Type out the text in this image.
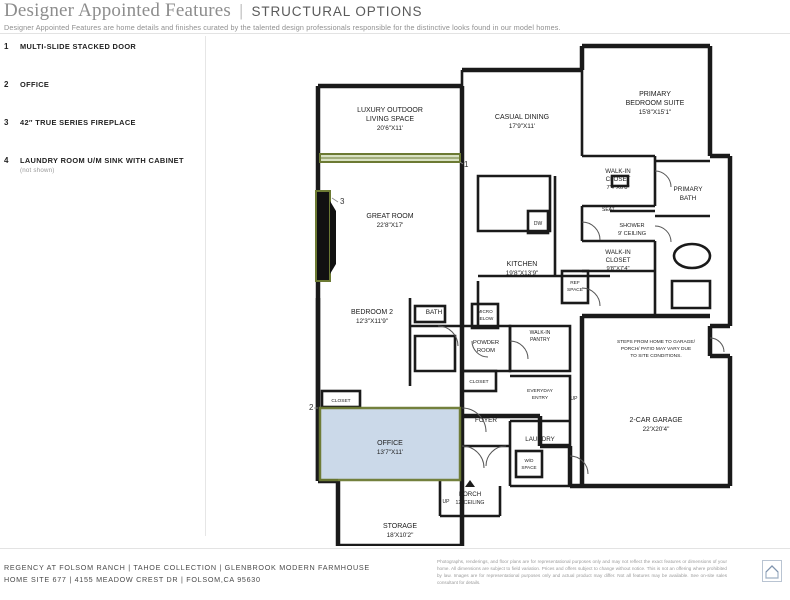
Designer Appointed Features | STRUCTURAL OPTIONS
Designer Appointed Features are home details and finishes curated by the talented design professionals responsible for the distinctive looks found in our model homes.
1 MULTI-SLIDE STACKED DOOR
2 OFFICE
3 42″ TRUE SERIES FIREPLACE
4 LAUNDRY ROOM U/M SINK WITH CABINET
(not shown)
1
3
2
LUXURY OUTDOOR
LIVING SPACE
20'6"X11'
CASUAL DINING
17'9"X11'
PRIMARY
BEDROOM SUITE
15'8"X15'1"
GREAT ROOM
22'8"X17'
WALK-IN
CLOSET
7'4"X6'8"	PRIMARY
BATH
SHOWER
9' CEILING
SEAT
KITCHEN
19'8"X13'9"
DW
REF
SPACE
MICRO
BELOW
WALK-IN
CLOSET
9'8"X7'4"
BEDROOM 2
12'3"X11'9"
BATH
POWDER
ROOM
WALK-IN
PANTRY
CLOSET
CLOSET
EVERYDAY
ENTRY
OFFICE
13'7"X11'
FOYER
LAUNDRY
W/D
SPACE
PORCH
12' CEILING
STORAGE
18'X10'2"
2-CAR GARAGE
22'X20'4"
STEPS FROM HOME TO GARAGE/
PORCH/ PATIO MAY VARY DUE
TO SITE CONDITIONS.
UP
UP
REGENCY AT FOLSOM RANCH | TAHOE COLLECTION | GLENBROOK MODERN FARMHOUSE
HOME SITE 677 | 4155 MEADOW CREST DR | FOLSOM,CA 95630
Photographs, renderings, and floor plans are for representational purposes only and may not reflect the exact features or dimensions of your home. All dimensions are subject to field variation. Prices and offers subject to change without notice. This is not an offering where prohibited by law. Images are for representational purposes only and actual product may differ. Not all features may be available. See on-site sales consultant for details.
